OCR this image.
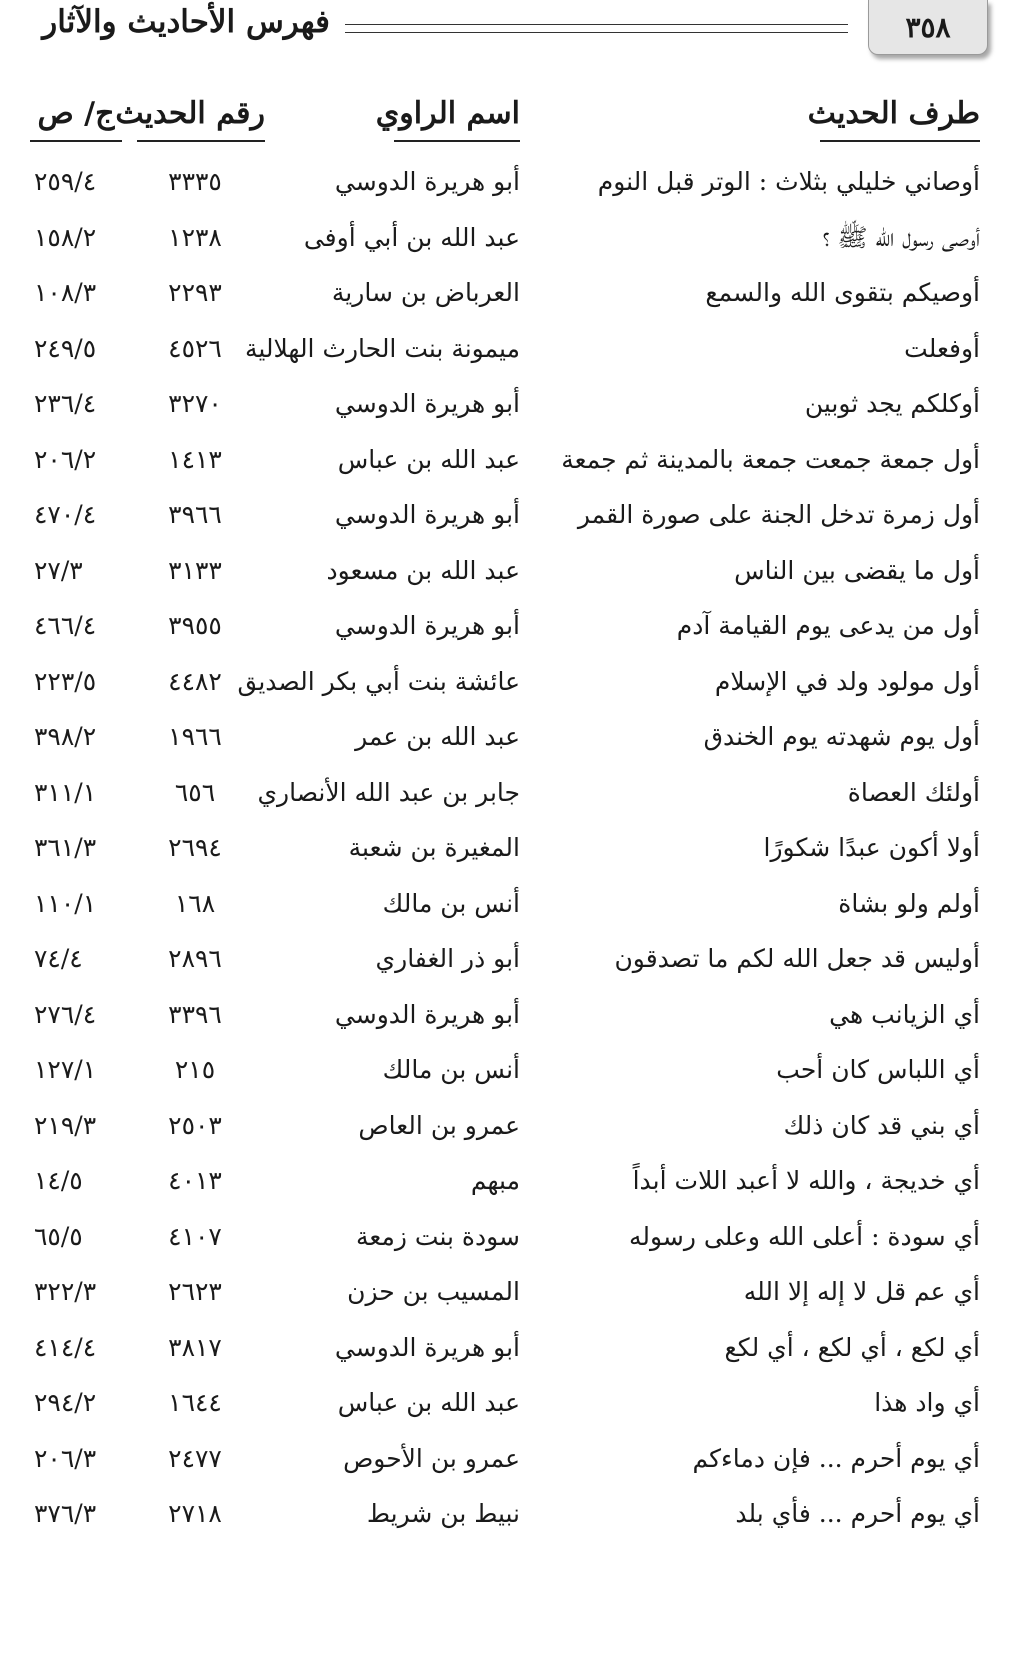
٣٥٨
فهرس الأحاديث والآثار
طرف الحديث
اسم الراوي
رقم الحديث
ج/ ص
أوصاني خليلي بثلاث : الوتر قبل النوم
أبو هريرة الدوسي
٣٣٣٥
٢٥٩/٤
أوصى رسول الله ﷺ ؟
عبد الله بن أبي أوفى
١٢٣٨
١٥٨/٢
أوصيكم بتقوى الله والسمع
العرباض بن سارية
٢٢٩٣
١٠٨/٣
أوفعلت
ميمونة بنت الحارث الهلالية
٤٥٢٦
٢٤٩/٥
أوكلكم يجد ثوبين
أبو هريرة الدوسي
٣٢٧٠
٢٣٦/٤
أول جمعة جمعت جمعة بالمدينة ثم جمعة
عبد الله بن عباس
١٤١٣
٢٠٦/٢
أول زمرة تدخل الجنة على صورة القمر
أبو هريرة الدوسي
٣٩٦٦
٤٧٠/٤
أول ما يقضى بين الناس
عبد الله بن مسعود
٣١٣٣
٢٧/٣
أول من يدعى يوم القيامة آدم
أبو هريرة الدوسي
٣٩٥٥
٤٦٦/٤
أول مولود ولد في الإسلام
عائشة بنت أبي بكر الصديق
٤٤٨٢
٢٢٣/٥
أول يوم شهدته يوم الخندق
عبد الله بن عمر
١٩٦٦
٣٩٨/٢
أولئك العصاة
جابر بن عبد الله الأنصاري
٦٥٦
٣١١/١
أولا أكون عبدًا شكورًا
المغيرة بن شعبة
٢٦٩٤
٣٦١/٣
أولم ولو بشاة
أنس بن مالك
١٦٨
١١٠/١
أوليس قد جعل الله لكم ما تصدقون
أبو ذر الغفاري
٢٨٩٦
٧٤/٤
أي الزيانب هي
أبو هريرة الدوسي
٣٣٩٦
٢٧٦/٤
أي اللباس كان أحب
أنس بن مالك
٢١٥
١٢٧/١
أي بني قد كان ذلك
عمرو بن العاص
٢٥٠٣
٢١٩/٣
أي خديجة ، والله لا أعبد اللات أبداً
مبهم
٤٠١٣
١٤/٥
أي سودة : أعلى الله وعلى رسوله
سودة بنت زمعة
٤١٠٧
٦٥/٥
أي عم قل لا إله إلا الله
المسيب بن حزن
٢٦٢٣
٣٢٢/٣
أي لكع ، أي لكع ، أي لكع
أبو هريرة الدوسي
٣٨١٧
٤١٤/٤
أي واد هذا
عبد الله بن عباس
١٦٤٤
٢٩٤/٢
أي يوم أحرم ... فإن دماءكم
عمرو بن الأحوص
٢٤٧٧
٢٠٦/٣
أي يوم أحرم ... فأي بلد
نبيط بن شريط
٢٧١٨
٣٧٦/٣
